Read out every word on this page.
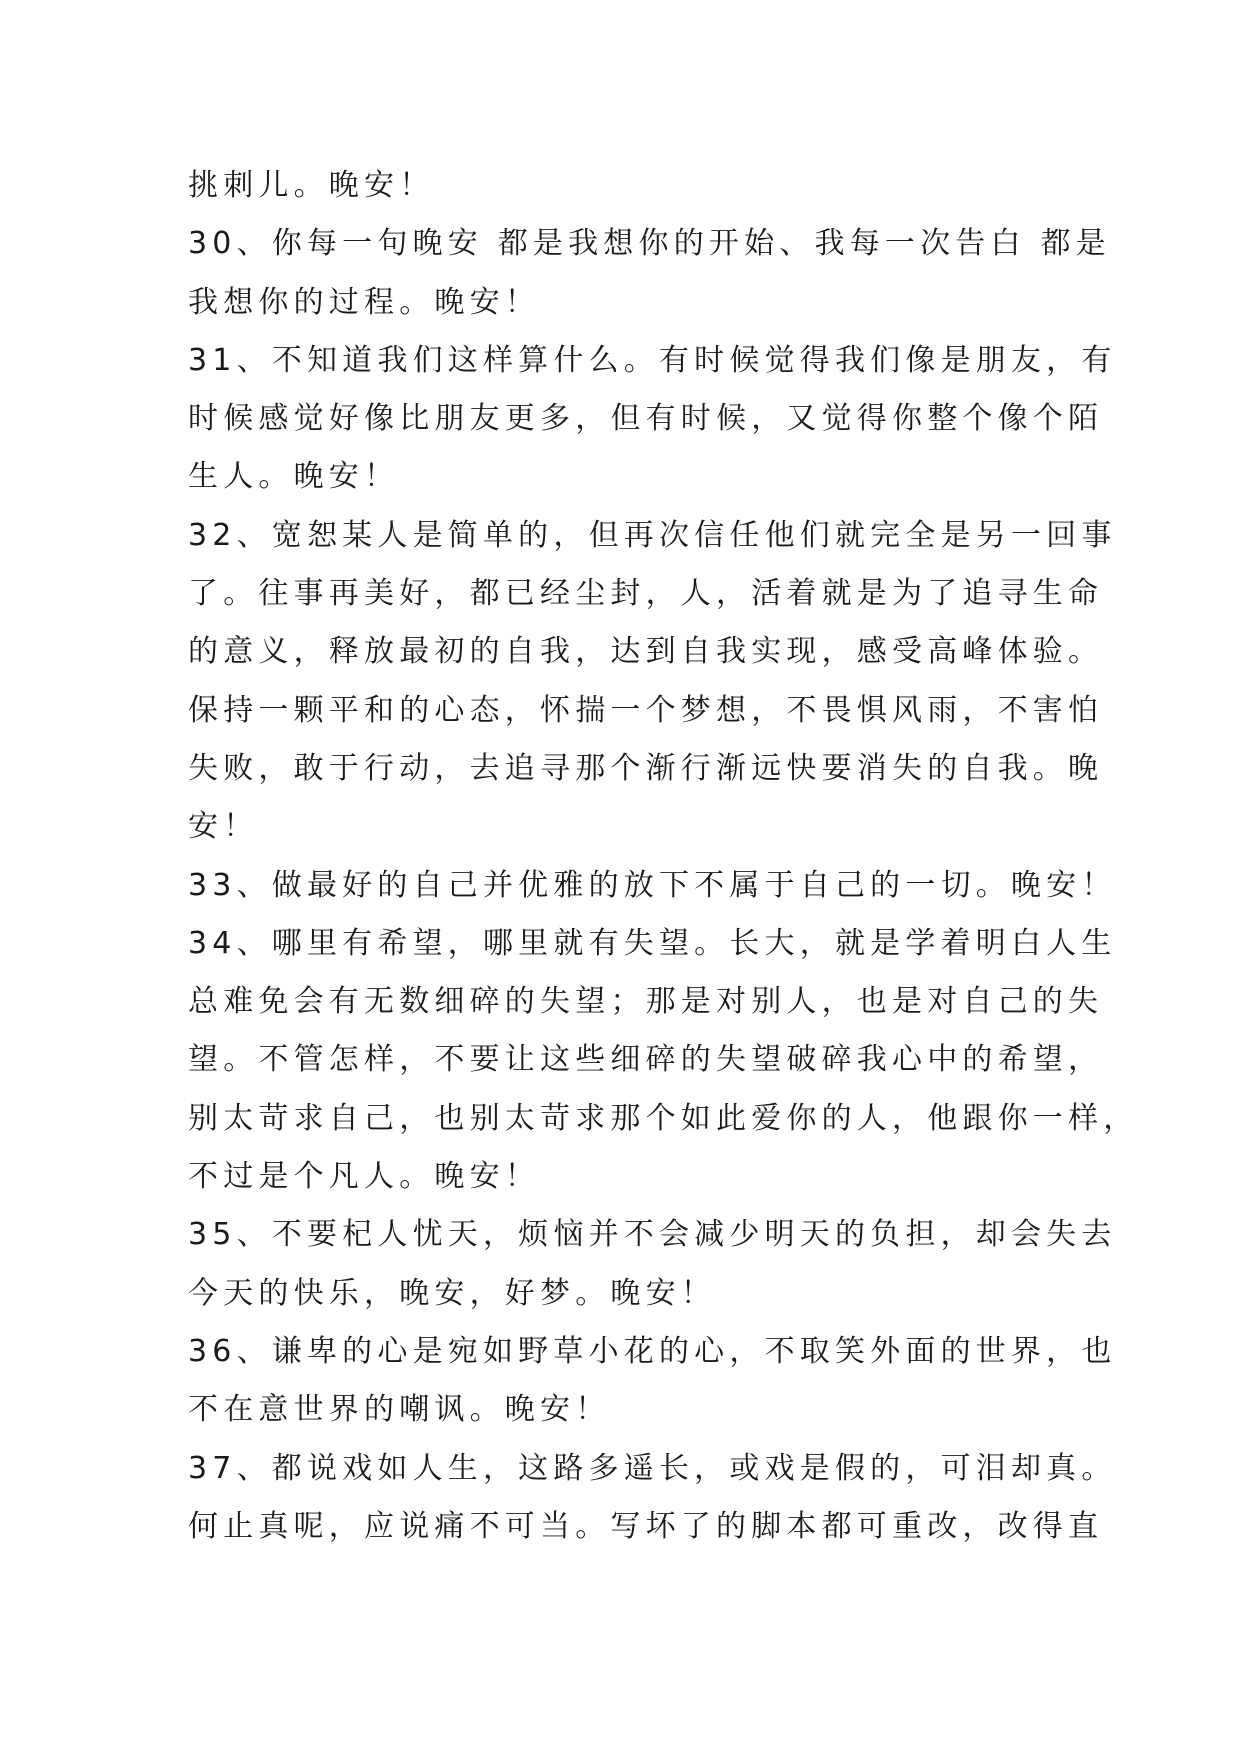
挑刺儿。晚安！
30、你每一句晚安 都是我想你的开始、我每一次告白 都是
我想你的过程。晚安！
31、不知道我们这样算什么。有时候觉得我们像是朋友，有
时候感觉好像比朋友更多，但有时候，又觉得你整个像个陌
生人。晚安！
32、宽恕某人是简单的，但再次信任他们就完全是另一回事
了。往事再美好，都已经尘封，人，活着就是为了追寻生命
的意义，释放最初的自我，达到自我实现，感受高峰体验。
保持一颗平和的心态，怀揣一个梦想，不畏惧风雨，不害怕
失败，敢于行动，去追寻那个渐行渐远快要消失的自我。晚
安！
33、做最好的自己并优雅的放下不属于自己的一切。晚安！
34、哪里有希望，哪里就有失望。长大，就是学着明白人生
总难免会有无数细碎的失望；那是对别人，也是对自己的失
望。不管怎样，不要让这些细碎的失望破碎我心中的希望，
别太苛求自己，也别太苛求那个如此爱你的人，他跟你一样，
不过是个凡人。晚安！
35、不要杞人忧天，烦恼并不会减少明天的负担，却会失去
今天的快乐，晚安，好梦。晚安！
36、谦卑的心是宛如野草小花的心，不取笑外面的世界，也
不在意世界的嘲讽。晚安！
37、都说戏如人生，这路多遥长，或戏是假的，可泪却真。
何止真呢，应说痛不可当。写坏了的脚本都可重改，改得直
